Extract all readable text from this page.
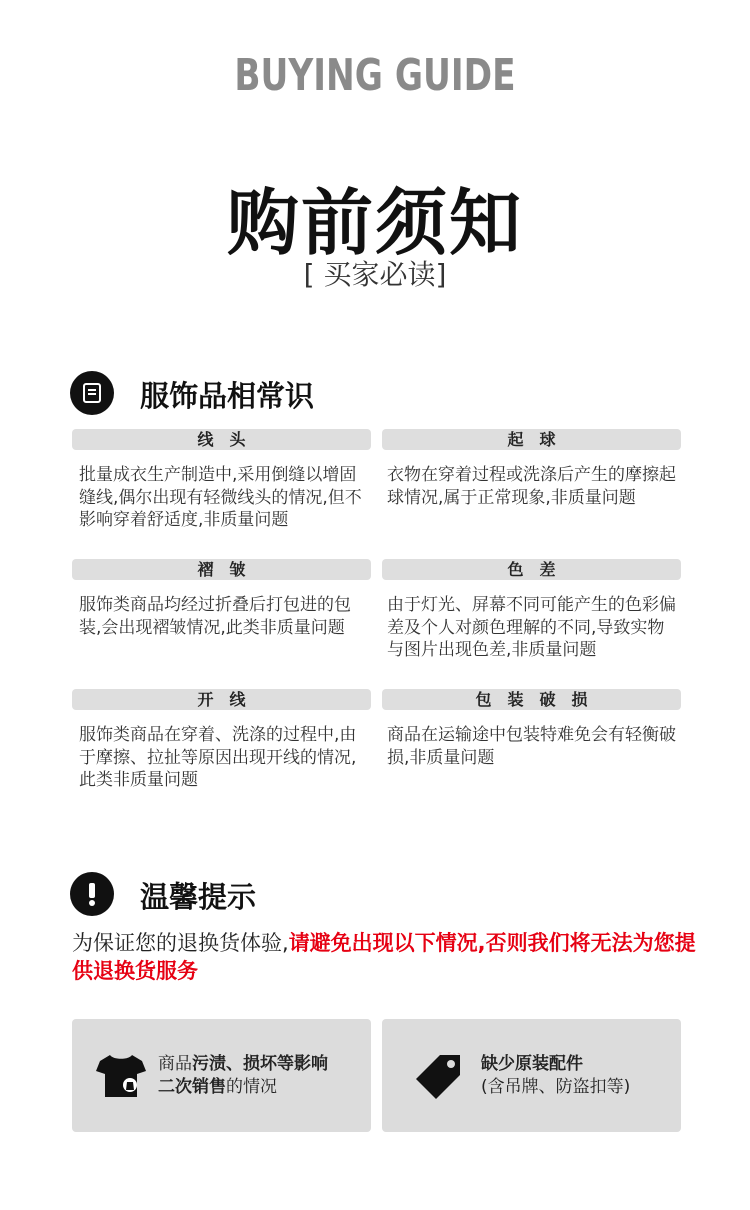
BUYING GUIDE
购前须知
[ 买家必读]
服饰品相常识
线头	起球
批量成衣生产制造中,采用倒缝以增固缝线,偶尔出现有轻微线头的情况,但不影响穿着舒适度,非质量问题
衣物在穿着过程或洗涤后产生的摩擦起球情况,属于正常现象,非质量问题
褶皱	色差
服饰类商品均经过折叠后打包进的包装,会出现褶皱情况,此类非质量问题
由于灯光、屏幕不同可能产生的色彩偏差及个人对颜色理解的不同,导致实物与图片出现色差,非质量问题
开线	包装破损
服饰类商品在穿着、洗涤的过程中,由于摩擦、拉扯等原因出现开线的情况,此类非质量问题
商品在运输途中包装特难免会有轻衡破损,非质量问题
温馨提示
为保证您的退换货体验,请避免出现以下情况,否则我们将无法为您提供退换货服务
商品污渍、损坏等影响
二次销售的情况
缺少原装配件
(含吊牌、防盗扣等)
